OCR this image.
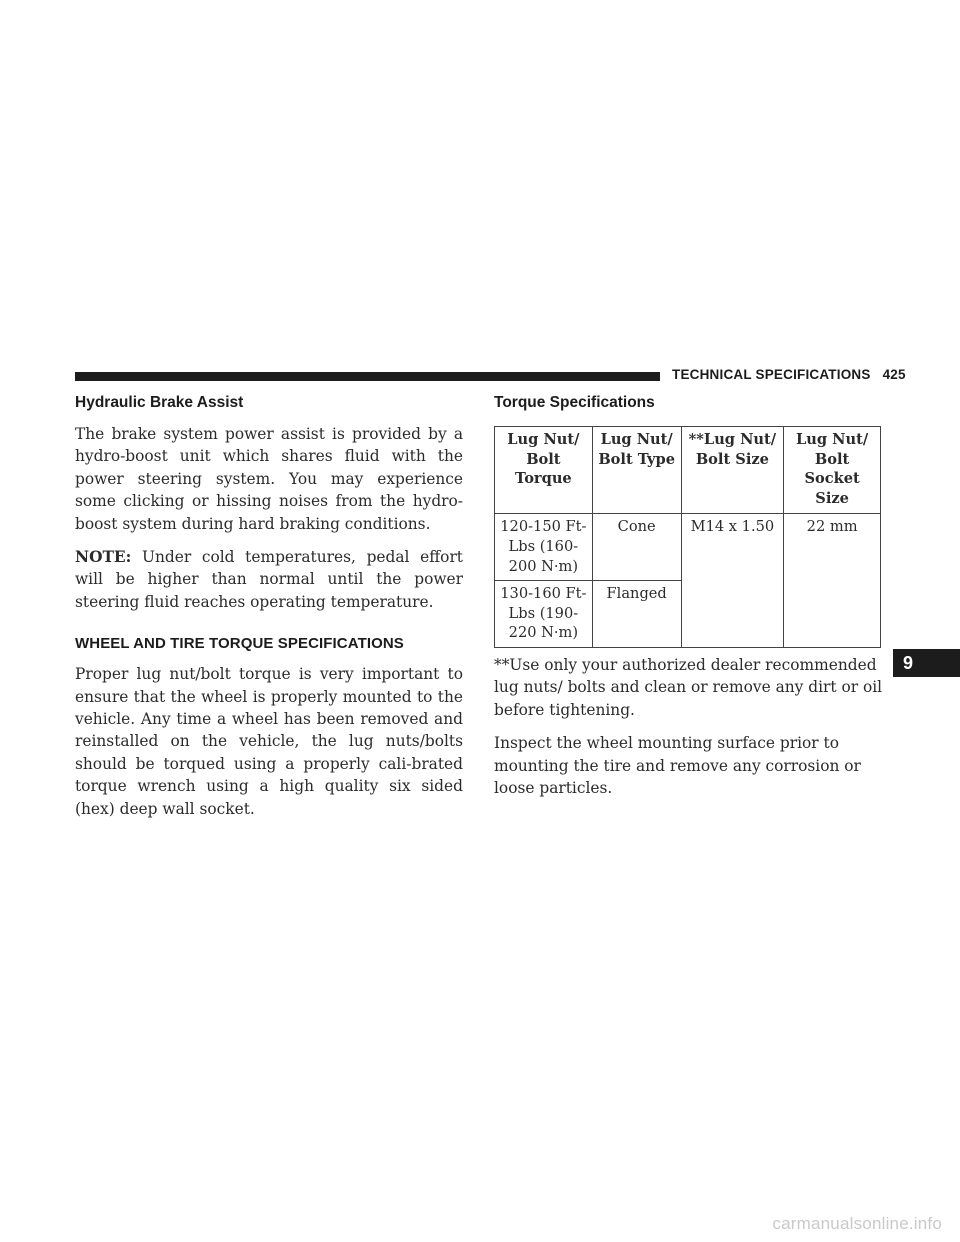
TECHNICAL SPECIFICATIONS 425
Hydraulic Brake Assist

The brake system power assist is provided by a hydro-boost unit which shares fluid with the power steering system. You may experience some clicking or hissing noises from the hydro-boost system during hard braking conditions.

NOTE: Under cold temperatures, pedal effort will be higher than normal until the power steering fluid reaches operating temperature.

WHEEL AND TIRE TORQUE SPECIFICATIONS

Proper lug nut/bolt torque is very important to ensure that the wheel is properly mounted to the vehicle. Any time a wheel has been removed and reinstalled on the vehicle, the lug nuts/bolts should be torqued using a properly cali-brated torque wrench using a high quality six sided (hex) deep wall socket.

Torque Specifications
Lug Nut/ Bolt Torque	Lug Nut/ Bolt Type	**Lug Nut/ Bolt Size	Lug Nut/ Bolt Socket Size
120-150 Ft-Lbs (160-200 N·m)	Cone	M14 x 1.50	22 mm
130-160 Ft-Lbs (190-220 N·m)	Flanged		

**Use only your authorized dealer recommended lug nuts/ bolts and clean or remove any dirt or oil before tightening.

Inspect the wheel mounting surface prior to mounting the tire and remove any corrosion or loose particles.

9
carmanualsonline.info
